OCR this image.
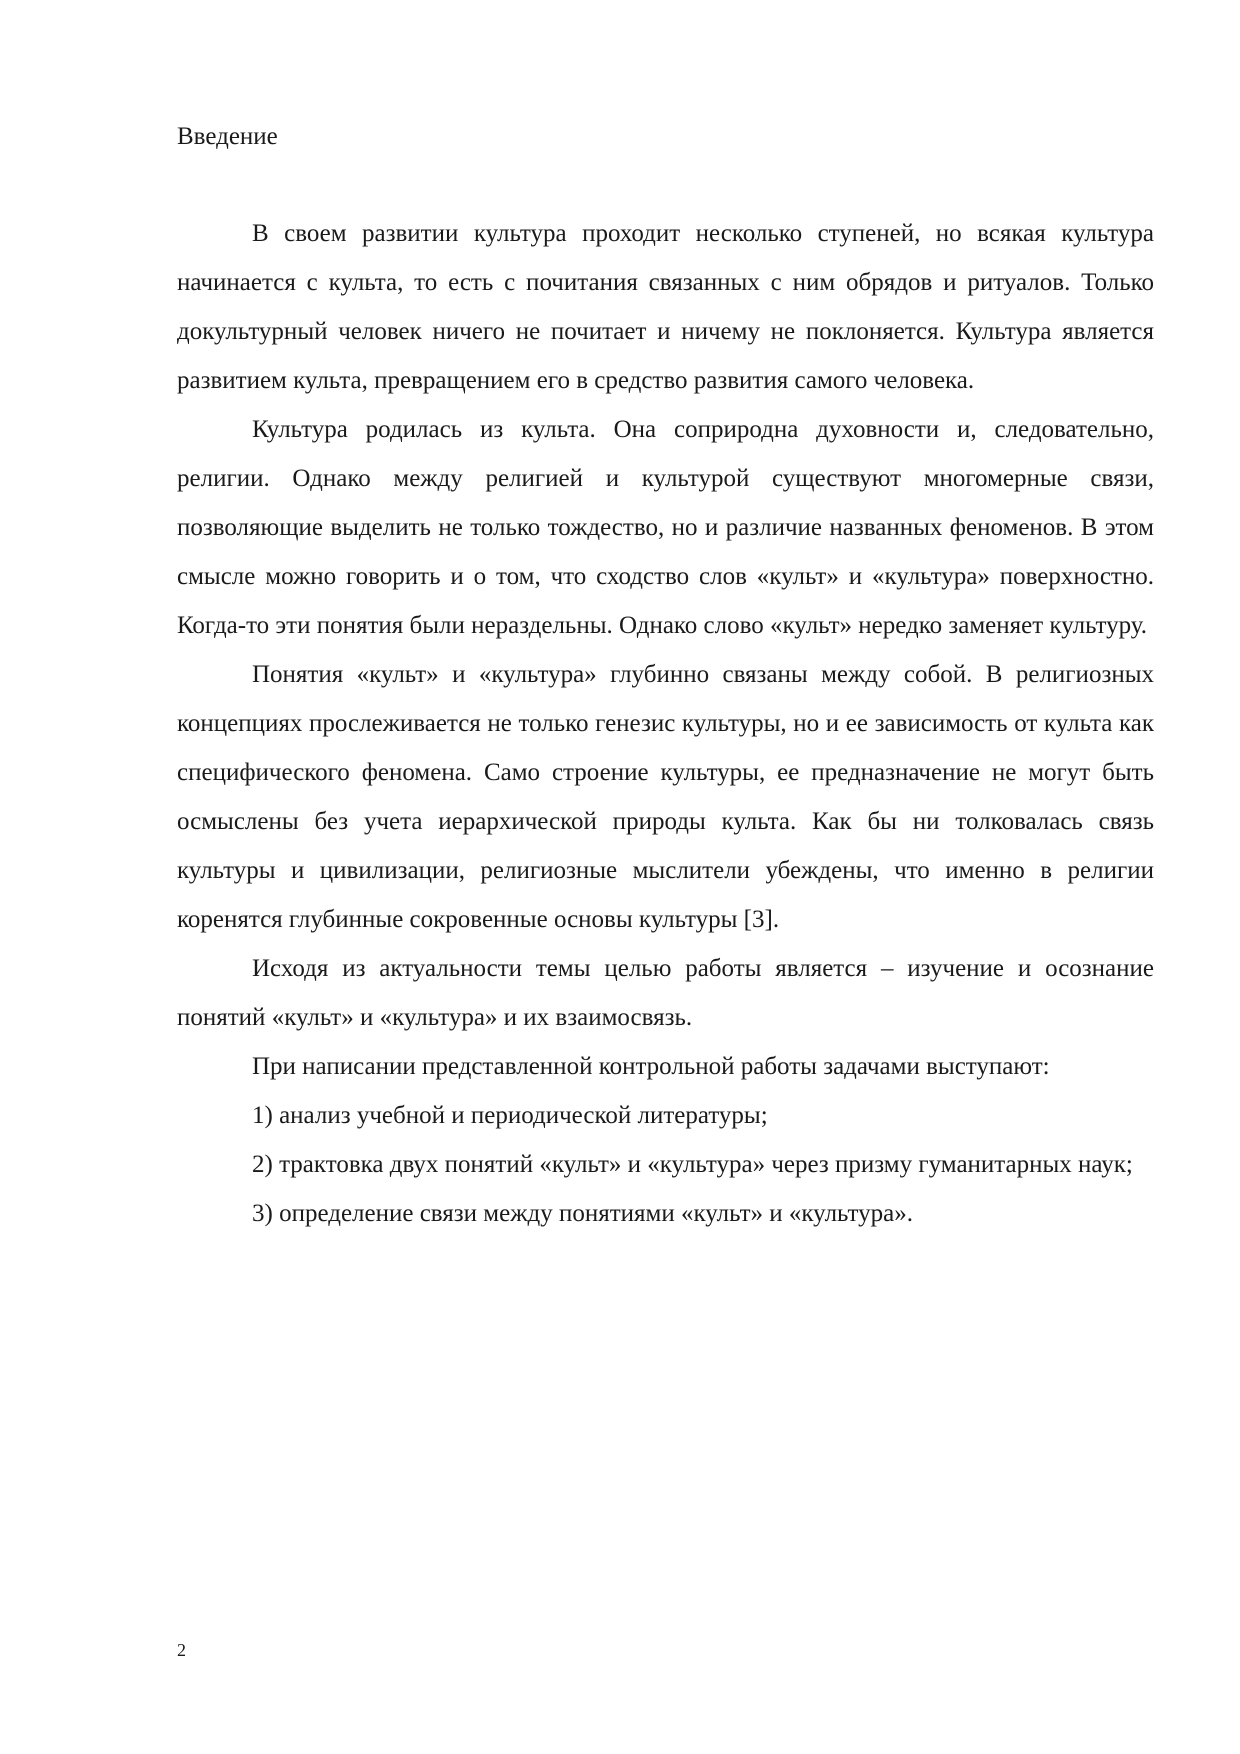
Введение

В своем развитии культура проходит несколько ступеней, но всякая культура начинается с культа, то есть с почитания связанных с ним обрядов и ритуалов. Только докультурный человек ничего не почитает и ничему не поклоняется. Культура является развитием культа, превращением его в средство развития самого человека.

Культура родилась из культа. Она соприродна духовности и, следовательно, религии. Однако между религией и культурой существуют многомерные связи, позволяющие выделить не только тождество, но и различие названных феноменов. В этом смысле можно говорить и о том, что сходство слов «культ» и «культура» поверхностно. Когда-то эти понятия были нераздельны. Однако слово «культ» нередко заменяет культуру.

Понятия «культ» и «культура» глубинно связаны между собой. В религиозных концепциях прослеживается не только генезис культуры, но и ее зависимость от культа как специфического феномена. Само строение культуры, ее предназначение не могут быть осмыслены без учета иерархической природы культа. Как бы ни толковалась связь культуры и цивилизации, религиозные мыслители убеждены, что именно в религии коренятся глубинные сокровенные основы культуры [3].

Исходя из актуальности темы целью работы является – изучение и осознание понятий «культ» и «культура» и их взаимосвязь.

При написании представленной контрольной работы задачами выступают:

1) анализ учебной и периодической литературы;

2) трактовка двух понятий «культ» и «культура» через призму гуманитарных наук;

3) определение связи между понятиями «культ» и «культура».

2
